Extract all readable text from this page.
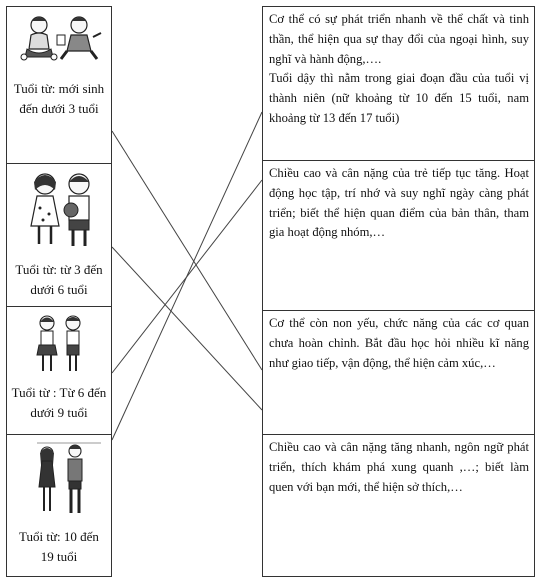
Tuổi từ: mới sinh đến dưới 3 tuổi
Tuổi từ: từ 3 đến dưới 6 tuổi
Tuổi từ : Từ 6 đến dưới 9 tuổi
Tuổi từ: 10 đến 19 tuổi

Cơ thể có sự phát triển nhanh về thể chất và tinh thần, thể hiện qua sự thay đổi của ngoại hình, suy nghĩ và hành động,….

Tuổi dậy thì nằm trong giai đoạn đầu của tuổi vị thành niên (nữ khoảng từ 10 đến 15 tuổi, nam khoảng từ 13 đến 17 tuổi)

Chiều cao và cân nặng của trẻ tiếp tục tăng. Hoạt động học tập, trí nhớ và suy nghĩ ngày càng phát triển; biết thể hiện quan điểm của bản thân, tham gia hoạt động nhóm,…

Cơ thể còn non yếu, chức năng của các cơ quan chưa hoàn chỉnh. Bắt đầu học hỏi nhiều kĩ năng như giao tiếp, vận động, thể hiện cảm xúc,…

Chiều cao và cân nặng tăng nhanh, ngôn ngữ phát triển, thích khám phá xung quanh ,…; biết làm quen với bạn mới, thể hiện sở thích,…
